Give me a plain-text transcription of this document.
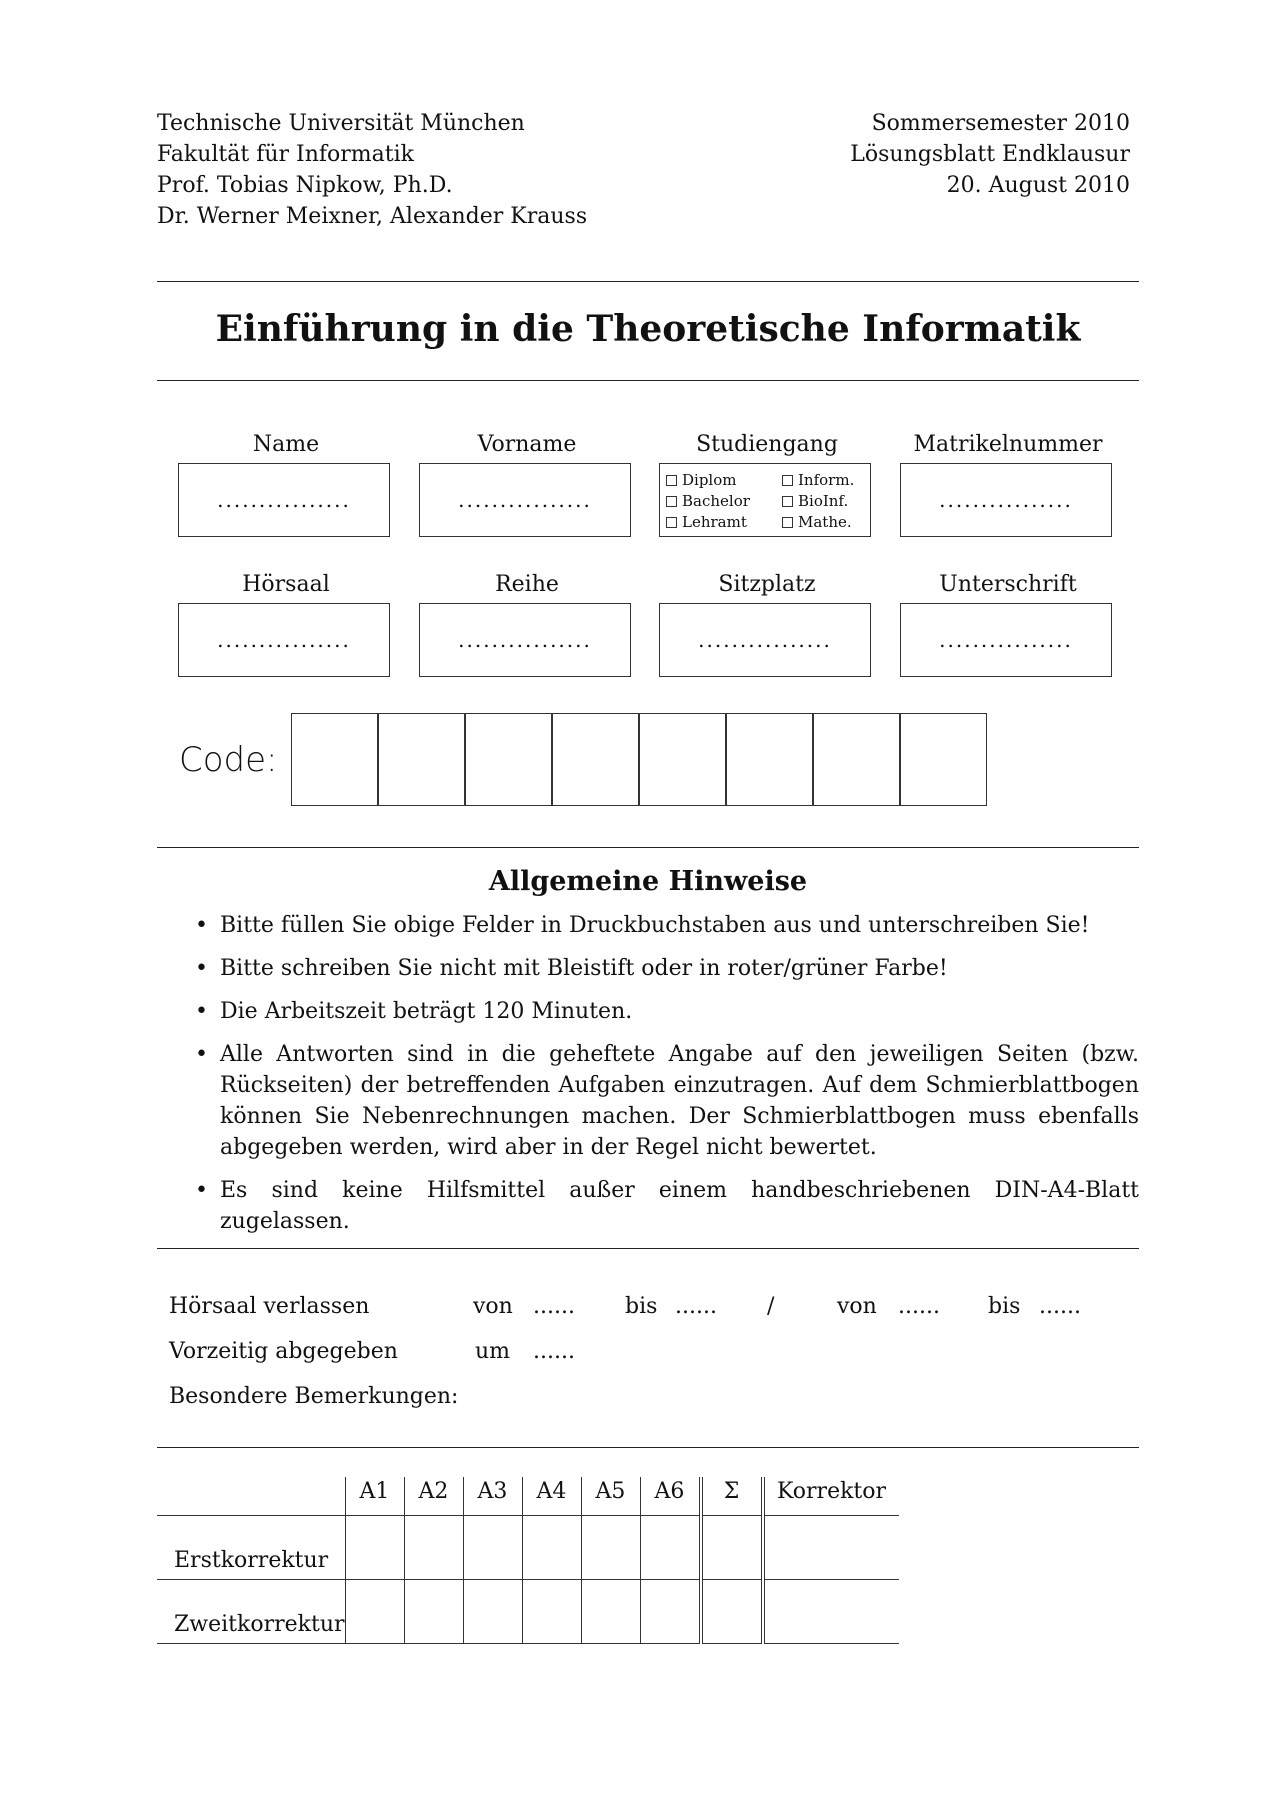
Technische Universität München
Fakultät für Informatik
Prof. Tobias Nipkow, Ph.D.
Dr. Werner Meixner, Alexander Krauss
Sommersemester 2010
Lösungsblatt Endklausur
20. August 2010
Einführung in die Theoretische Informatik
Name
................
Vorname
................
Studiengang
Diplom	Inform.
Bachelor	BioInf.
Lehramt	Mathe.
Matrikelnummer
................
Hörsaal
................
Reihe
................
Sitzplatz
................
Unterschrift
................
Code:
Allgemeine Hinweise
• Bitte füllen Sie obige Felder in Druckbuchstaben aus und unterschreiben Sie!
• Bitte schreiben Sie nicht mit Bleistift oder in roter/grüner Farbe!
• Die Arbeitszeit beträgt 120 Minuten.
• Alle Antworten sind in die geheftete Angabe auf den jeweiligen Seiten (bzw. Rückseiten) der betreffenden Aufgaben einzutragen. Auf dem Schmierblattbogen können Sie Nebenrechnungen machen. Der Schmierblattbogen muss ebenfalls abgegeben werden, wird aber in der Regel nicht bewertet.
• Es sind keine Hilfsmittel außer einem handbeschriebenen DIN-A4-Blatt zugelassen.
Hörsaal verlassen	von ...... bis ...... /	von ...... bis ......
Vorzeitig abgegeben	um ......
Besondere Bemerkungen:
	A1	A2	A3	A4	A5	A6	Σ	Korrektor
Erstkorrektur								
Zweitkorrektur								
